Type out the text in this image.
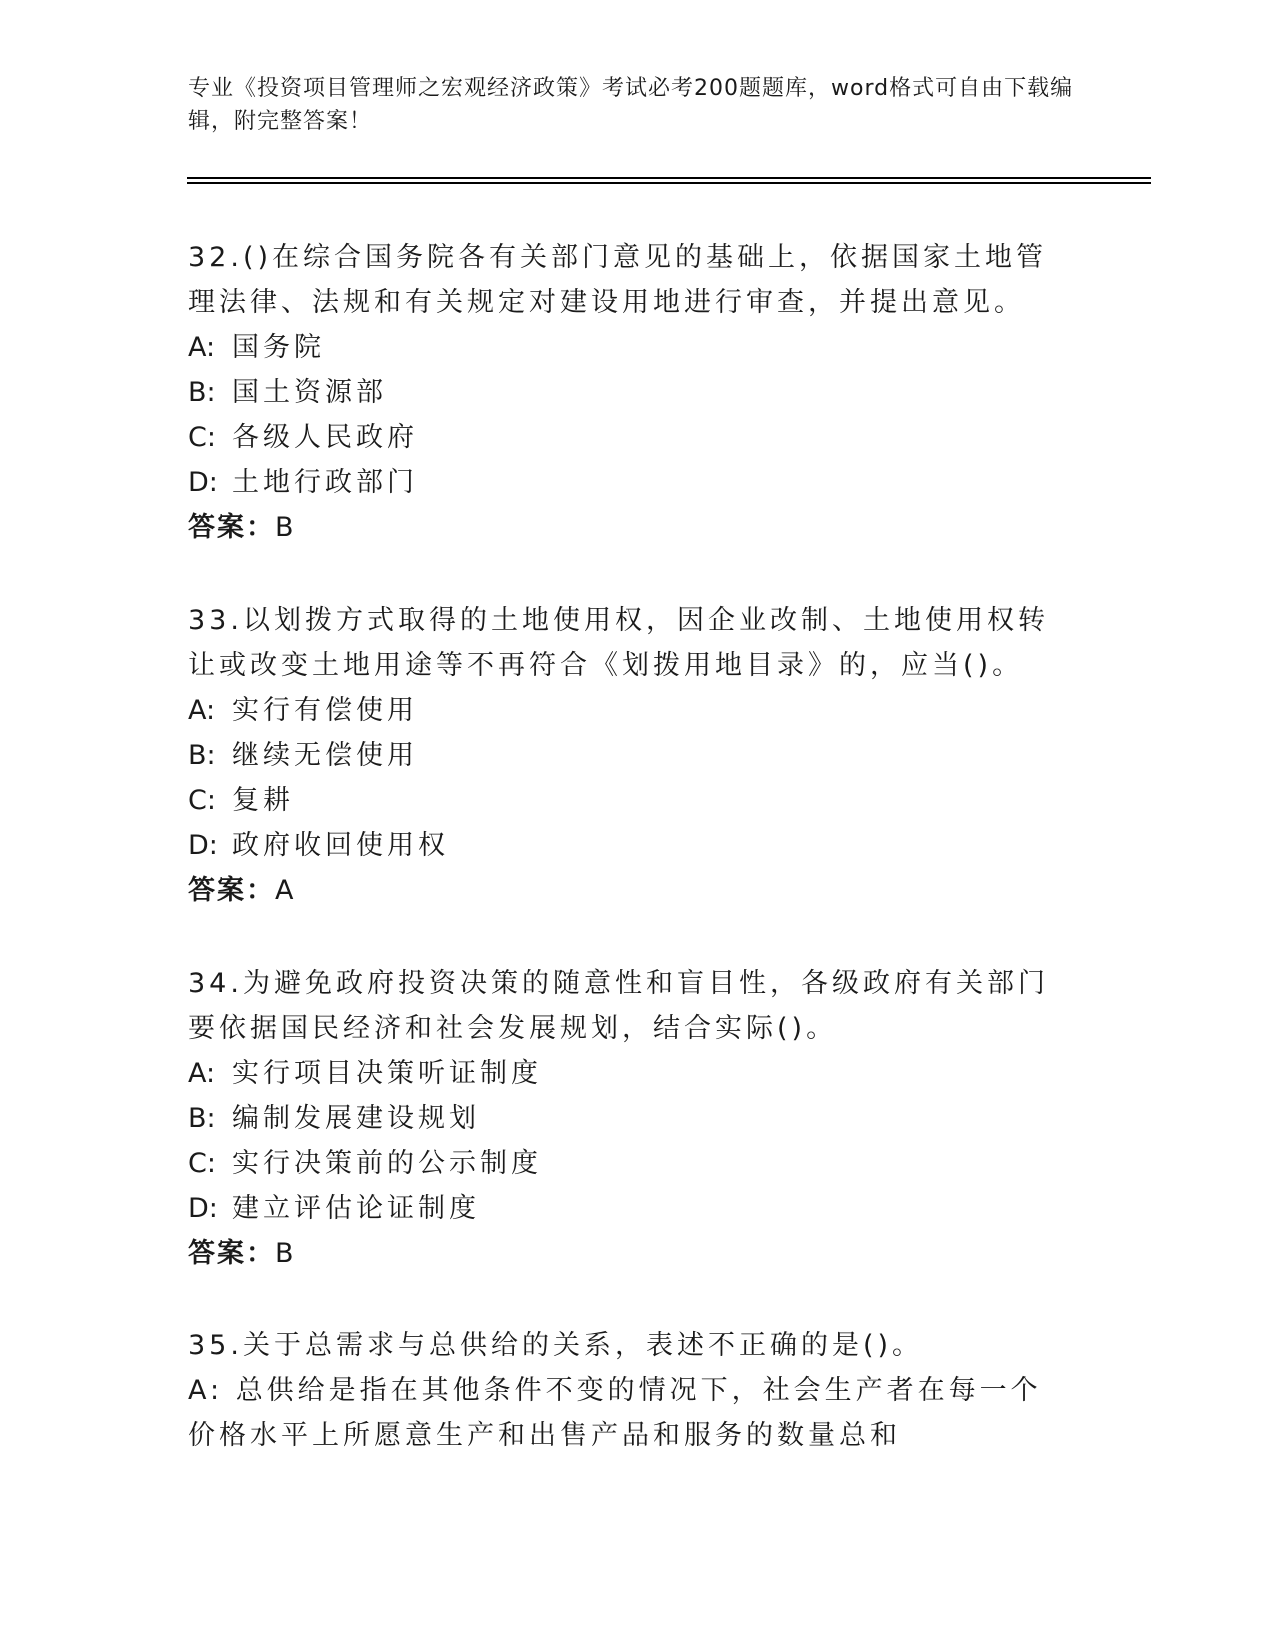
专业《投资项目管理师之宏观经济政策》考试必考200题题库，word格式可自由下载编辑，附完整答案！

32.()在综合国务院各有关部门意见的基础上，依据国家土地管理法律、法规和有关规定对建设用地进行审查，并提出意见。

A: 国务院

B: 国土资源部

C: 各级人民政府

D: 土地行政部门

答案：B

33.以划拨方式取得的土地使用权，因企业改制、土地使用权转让或改变土地用途等不再符合《划拨用地目录》的，应当()。

A: 实行有偿使用

B: 继续无偿使用

C: 复耕

D: 政府收回使用权

答案：A

34.为避免政府投资决策的随意性和盲目性，各级政府有关部门要依据国民经济和社会发展规划，结合实际()。

A: 实行项目决策听证制度

B: 编制发展建设规划

C: 实行决策前的公示制度

D: 建立评估论证制度

答案：B

35.关于总需求与总供给的关系，表述不正确的是()。

A: 总供给是指在其他条件不变的情况下，社会生产者在每一个价格水平上所愿意生产和出售产品和服务的数量总和
